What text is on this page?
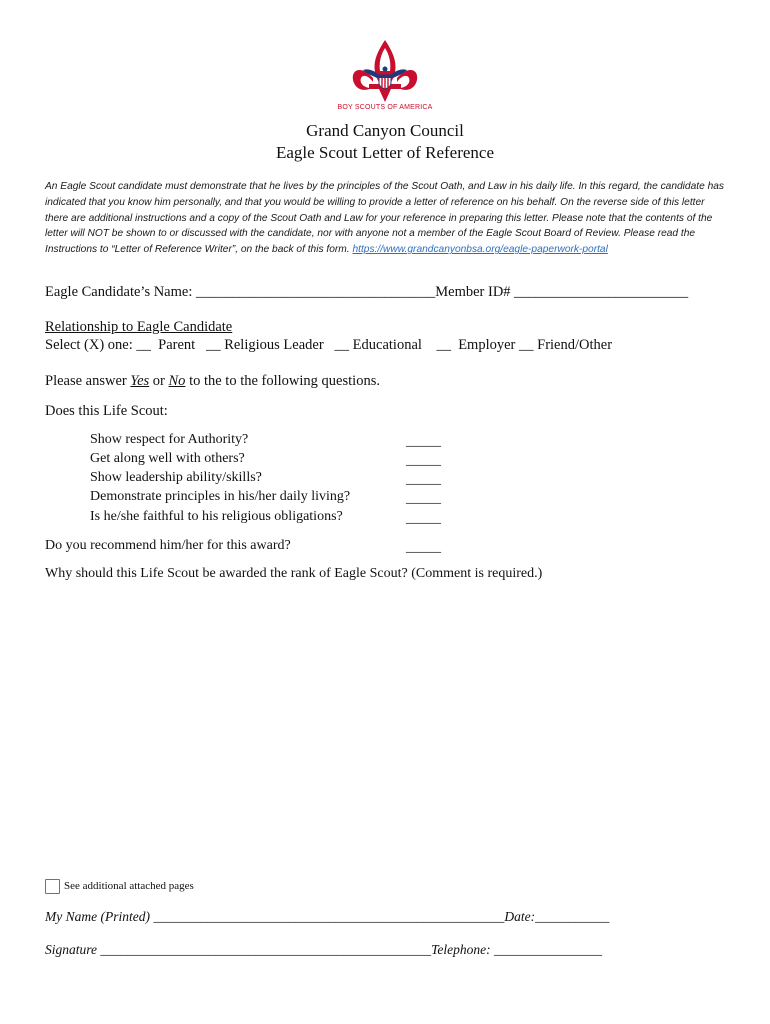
BOY SCOUTS OF AMERICA
Grand Canyon Council
Eagle Scout Letter of Reference
An Eagle Scout candidate must demonstrate that he lives by the principles of the Scout Oath, and Law in his daily life. In this regard, the candidate has indicated that you know him personally, and that you would be willing to provide a letter of reference on his behalf. On the reverse side of this letter there are additional instructions and a copy of the Scout Oath and Law for your reference in preparing this letter. Please note that the contents of the letter will NOT be shown to or discussed with the candidate, nor with anyone not a member of the Eagle Scout Board of Review. Please read the Instructions to “Letter of Reference Writer”, on the back of this form. https://www.grandcanyonbsa.org/eagle-paperwork-portal
Eagle Candidate’s Name: _________________________________Member ID# ________________________
Relationship to Eagle Candidate
Select (X) one: __  Parent __ Religious Leader __ Educational __  Employer __ Friend/Other
Please answer Yes or No to the to the following questions.
Does this Life Scout:
Show respect for Authority?	_____
Get along well with others?	_____
Show leadership ability/skills?	_____
Demonstrate principles in his/her daily living?	_____
Is he/she faithful to his religious obligations?	_____
Do you recommend him/her for this award?	_____
Why should this Life Scout be awarded the rank of Eagle Scout? (Comment is required.)
See additional attached pages
My Name (Printed) ____________________________________________________Date:___________
Signature _________________________________________________Telephone: ________________
